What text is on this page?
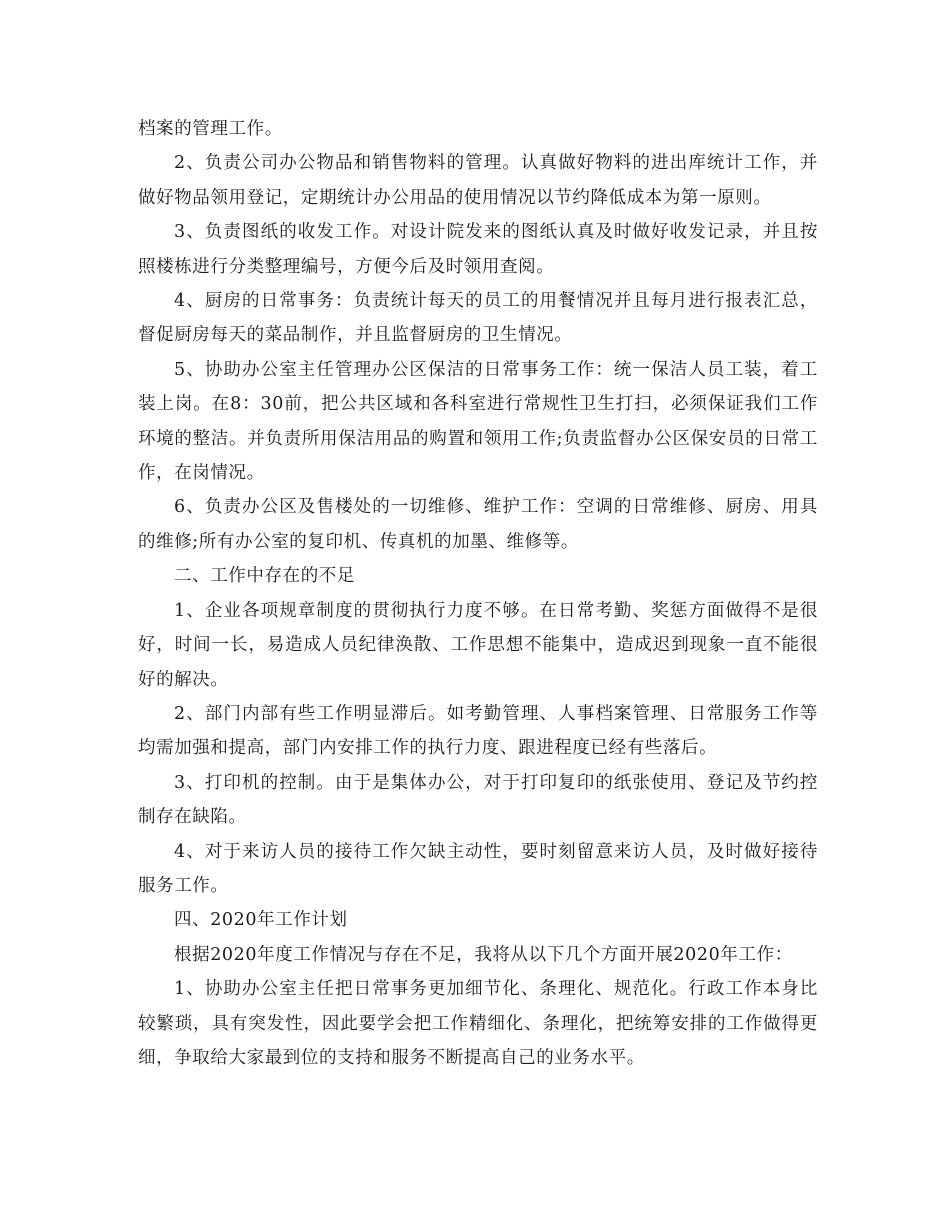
档案的管理工作。

2、负责公司办公物品和销售物料的管理。认真做好物料的进出库统计工作，并做好物品领用登记，定期统计办公用品的使用情况以节约降低成本为第一原则。

3、负责图纸的收发工作。对设计院发来的图纸认真及时做好收发记录，并且按照楼栋进行分类整理编号，方便今后及时领用查阅。

4、厨房的日常事务：负责统计每天的员工的用餐情况并且每月进行报表汇总，督促厨房每天的菜品制作，并且监督厨房的卫生情况。

5、协助办公室主任管理办公区保洁的日常事务工作：统一保洁人员工装，着工装上岗。在8：30前，把公共区域和各科室进行常规性卫生打扫，必须保证我们工作环境的整洁。并负责所用保洁用品的购置和领用工作;负责监督办公区保安员的日常工作，在岗情况。

6、负责办公区及售楼处的一切维修、维护工作：空调的日常维修、厨房、用具的维修;所有办公室的复印机、传真机的加墨、维修等。

二、工作中存在的不足

1、企业各项规章制度的贯彻执行力度不够。在日常考勤、奖惩方面做得不是很好，时间一长，易造成人员纪律涣散、工作思想不能集中，造成迟到现象一直不能很好的解决。

2、部门内部有些工作明显滞后。如考勤管理、人事档案管理、日常服务工作等均需加强和提高，部门内安排工作的执行力度、跟进程度已经有些落后。

3、打印机的控制。由于是集体办公，对于打印复印的纸张使用、登记及节约控制存在缺陷。

4、对于来访人员的接待工作欠缺主动性，要时刻留意来访人员，及时做好接待服务工作。

四、2020年工作计划

根据2020年度工作情况与存在不足，我将从以下几个方面开展2020年工作：

1、协助办公室主任把日常事务更加细节化、条理化、规范化。行政工作本身比较繁琐，具有突发性，因此要学会把工作精细化、条理化，把统筹安排的工作做得更细，争取给大家最到位的支持和服务不断提高自己的业务水平。
